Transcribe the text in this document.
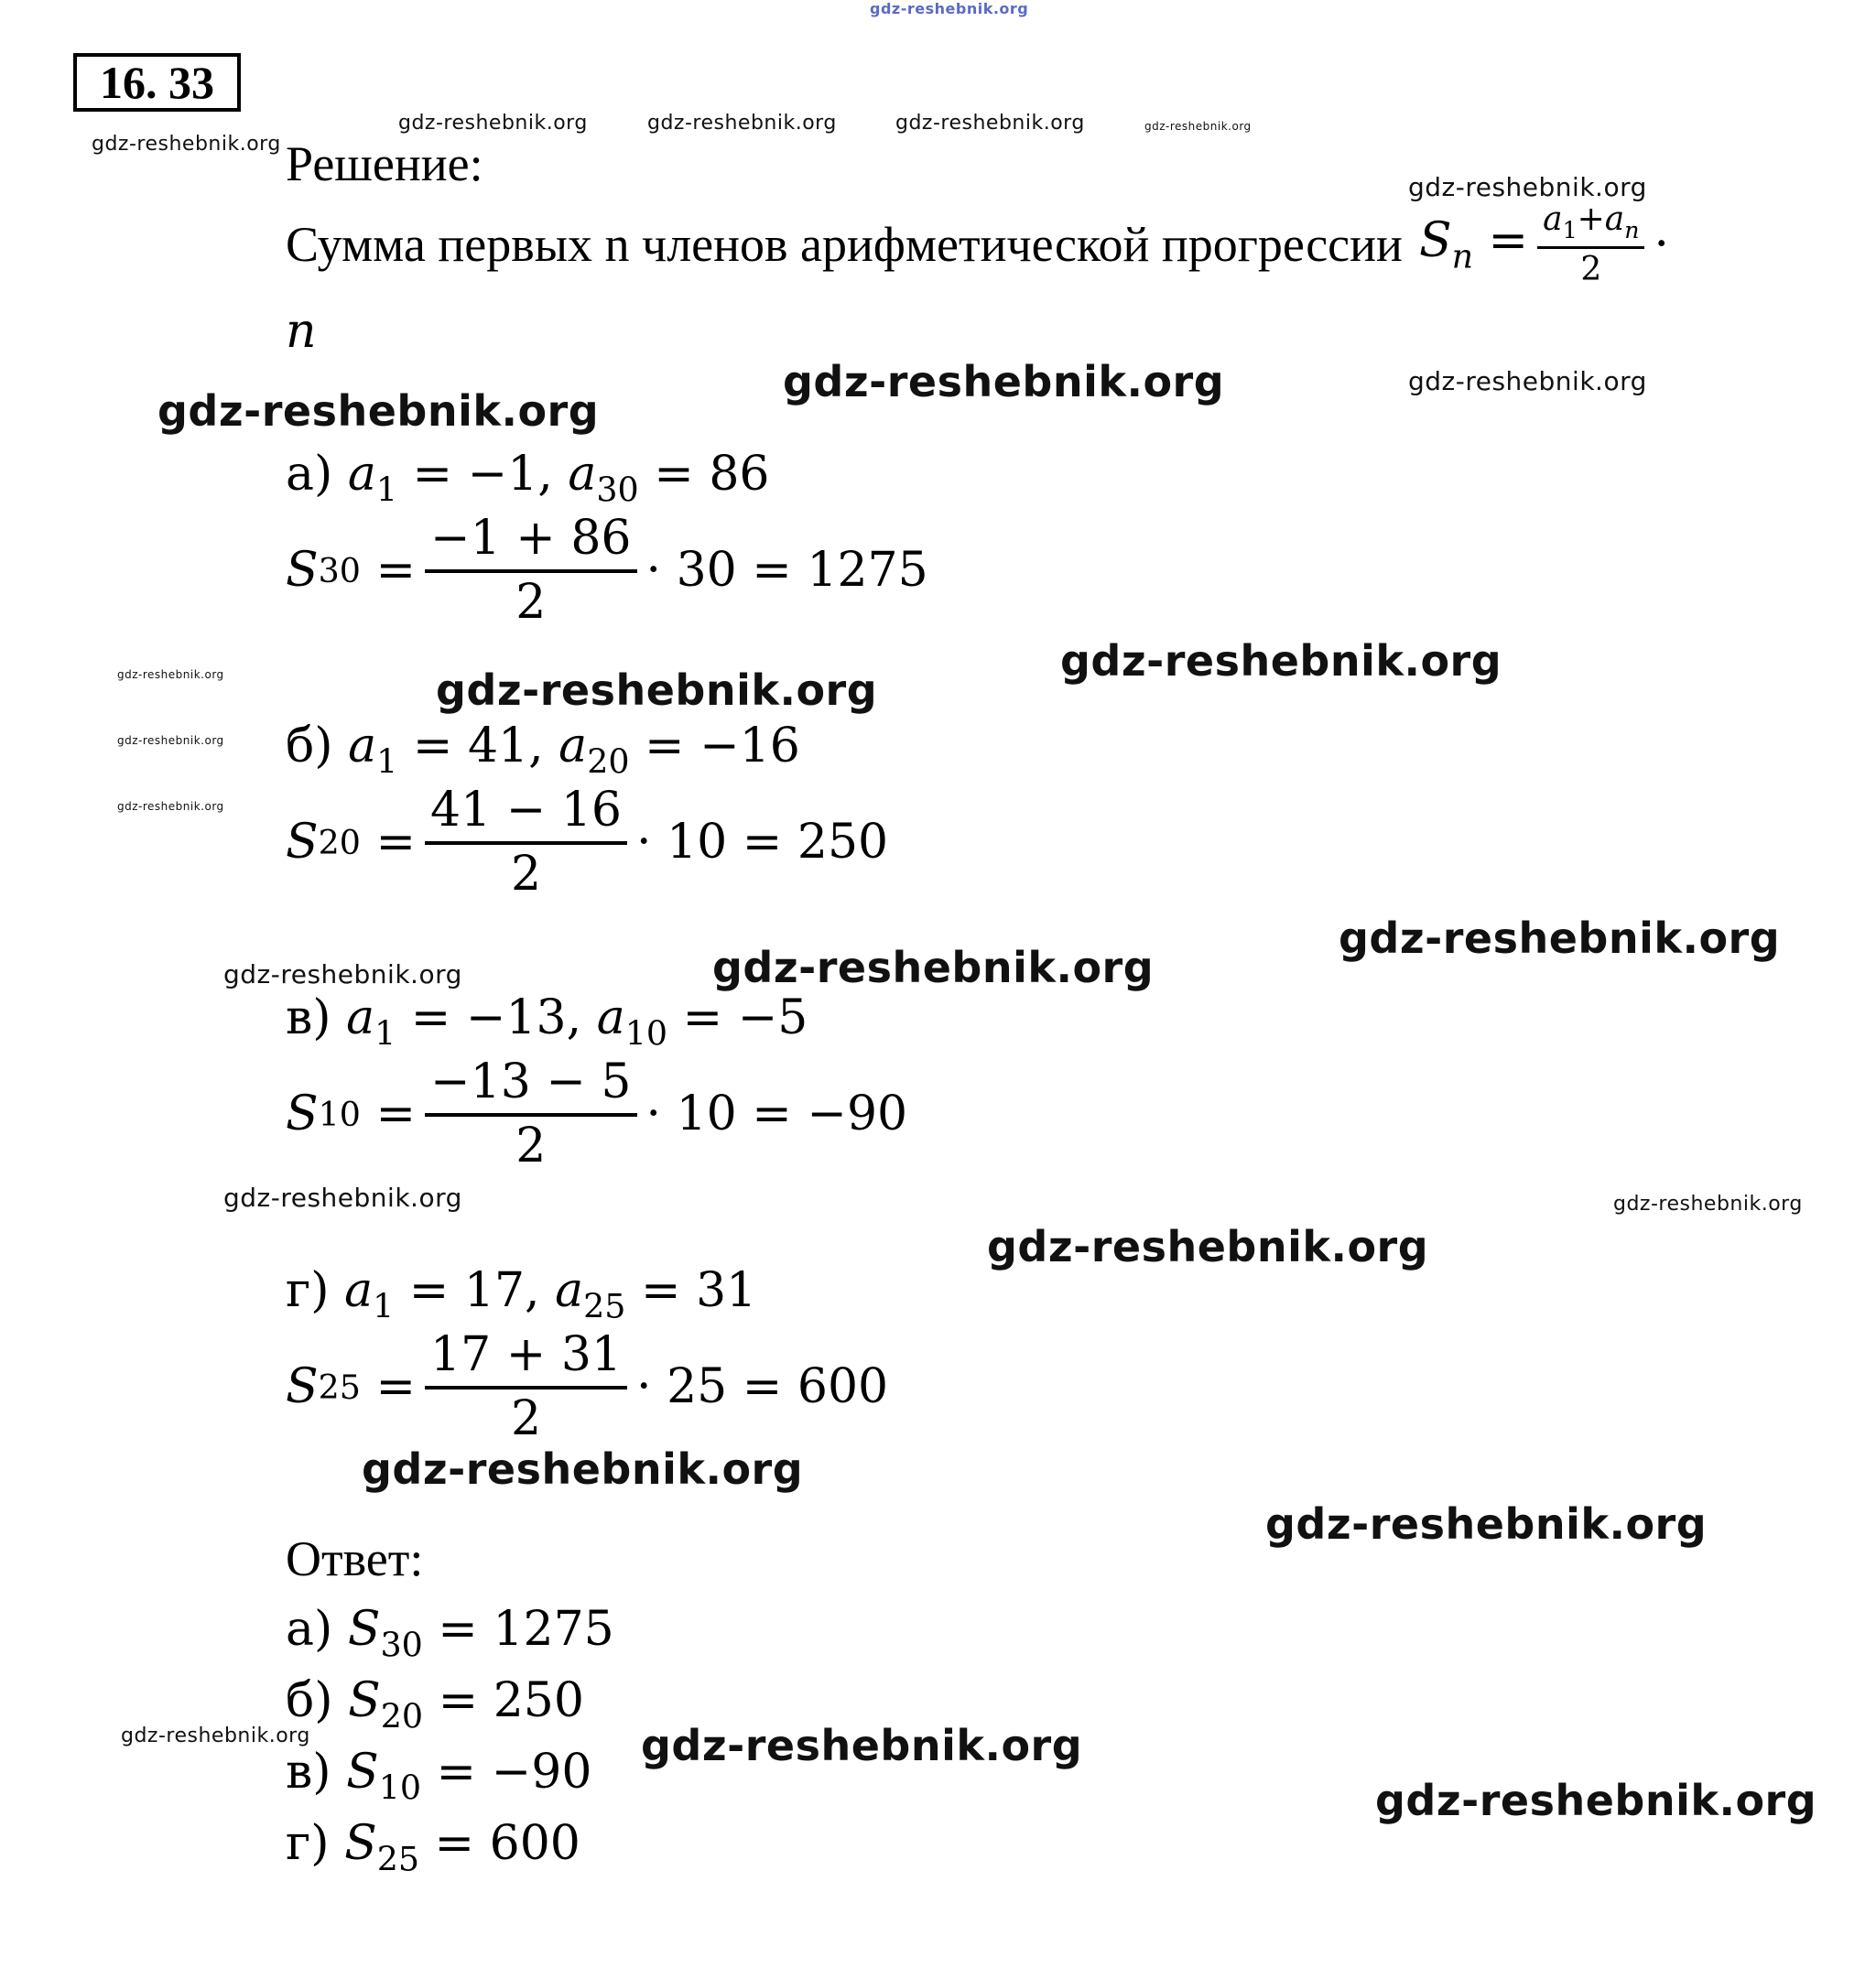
16. 33
Решение:
Сумма первых n членов арифметической прогрессии $S_n = \frac{a_1+a_n}{2}$ ·
n
а) $a_1 = -1$, $a_{30} = 86$
S $30 = \frac{-1 + 86}{2} \cdot 30 = 1275$
б) $a_1 = 41$, $a_{20} = -16$
S $20 = \frac{41 - 16}{2} \cdot 10 = 250$
в) $a_1 = -13$, $a_{10} = -5$
S $10 = \frac{-13 - 5}{2} \cdot 10 = -90$
г) $a_1 = 17$, $a_{25} = 31$
S $25 = \frac{17 + 31}{2} \cdot 25 = 600$
Ответ:
а) $S_{30} = 1275$
б) $S_{20} = 250$
в) $S_{10} = -90$
г) $S_{25} = 600$
gdz-reshebnik.org
gdz-reshebnik.org
gdz-reshebnik.org	gdz-reshebnik.org	gdz-reshebnik.org	gdz-reshebnik.org
gdz-reshebnik.org
gdz-reshebnik.org	gdz-reshebnik.org
gdz-reshebnik.org
gdz-reshebnik.org
gdz-reshebnik.org
gdz-reshebnik.org
gdz-reshebnik.org
gdz-reshebnik.org
gdz-reshebnik.org
gdz-reshebnik.org	gdz-reshebnik.org
gdz-reshebnik.org	gdz-reshebnik.org
gdz-reshebnik.org
gdz-reshebnik.org
gdz-reshebnik.org
gdz-reshebnik.org	gdz-reshebnik.org
gdz-reshebnik.org
